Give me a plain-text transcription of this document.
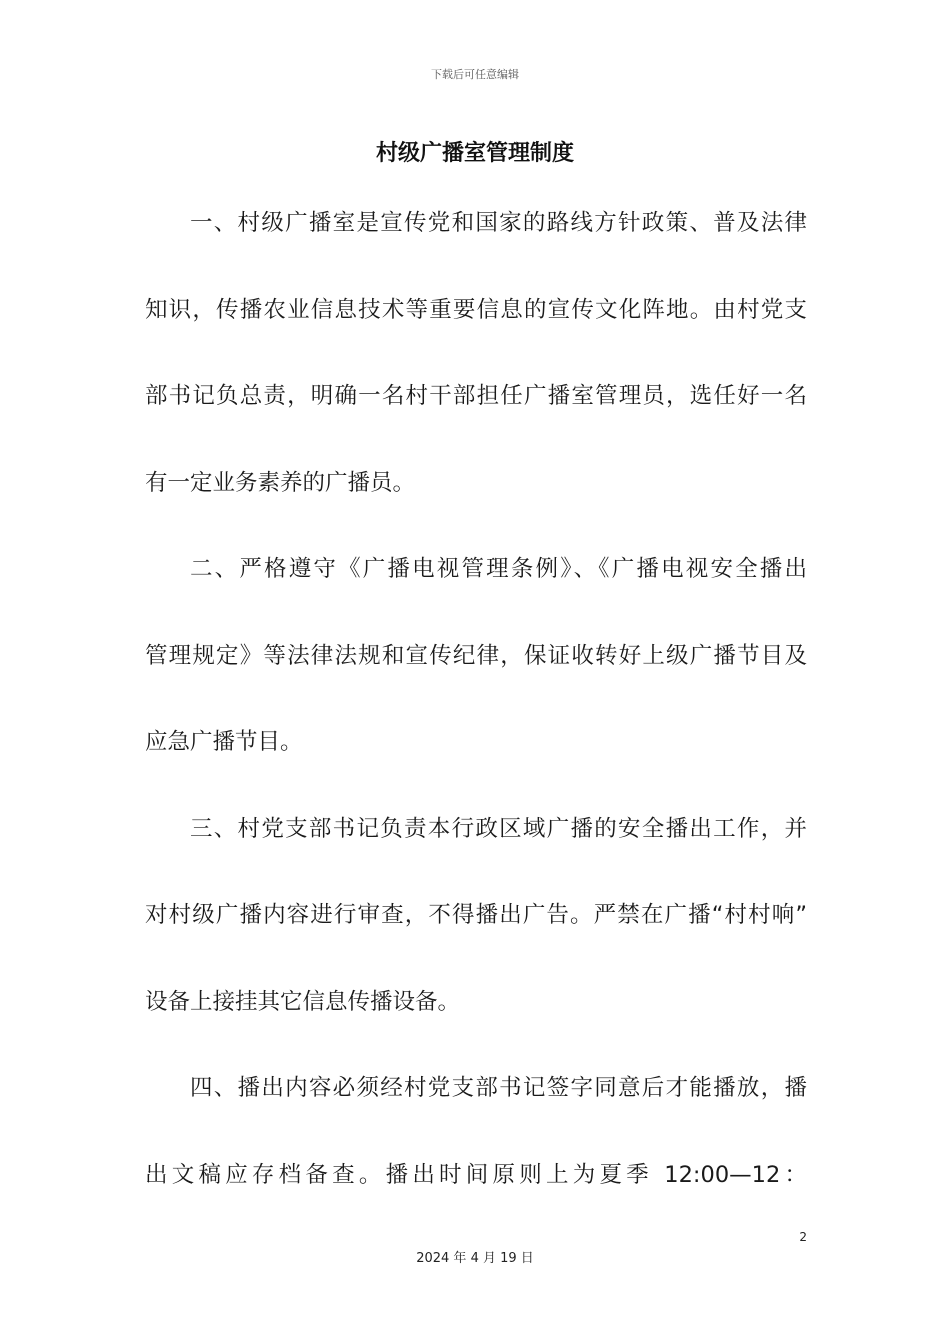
下载后可任意编辑
村级广播室管理制度
一、村级广播室是宣传党和国家的路线方针政策、普及法律
知识，传播农业信息技术等重要信息的宣传文化阵地。由村党支
部书记负总责，明确一名村干部担任广播室管理员，选任好一名
有一定业务素养的广播员。
二、严格遵守《广播电视管理条例》、《广播电视安全播出
管理规定》等法律法规和宣传纪律，保证收转好上级广播节目及
应急广播节目。
三、村党支部书记负责本行政区域广播的安全播出工作，并
对村级广播内容进行审查，不得播出广告。严禁在广播“村村响”
设备上接挂其它信息传播设备。
四、播出内容必须经村党支部书记签字同意后才能播放，播
出文稿应存档备查。播出时间原则上为夏季 12:00—12：
2
2024 年 4 月 19 日
